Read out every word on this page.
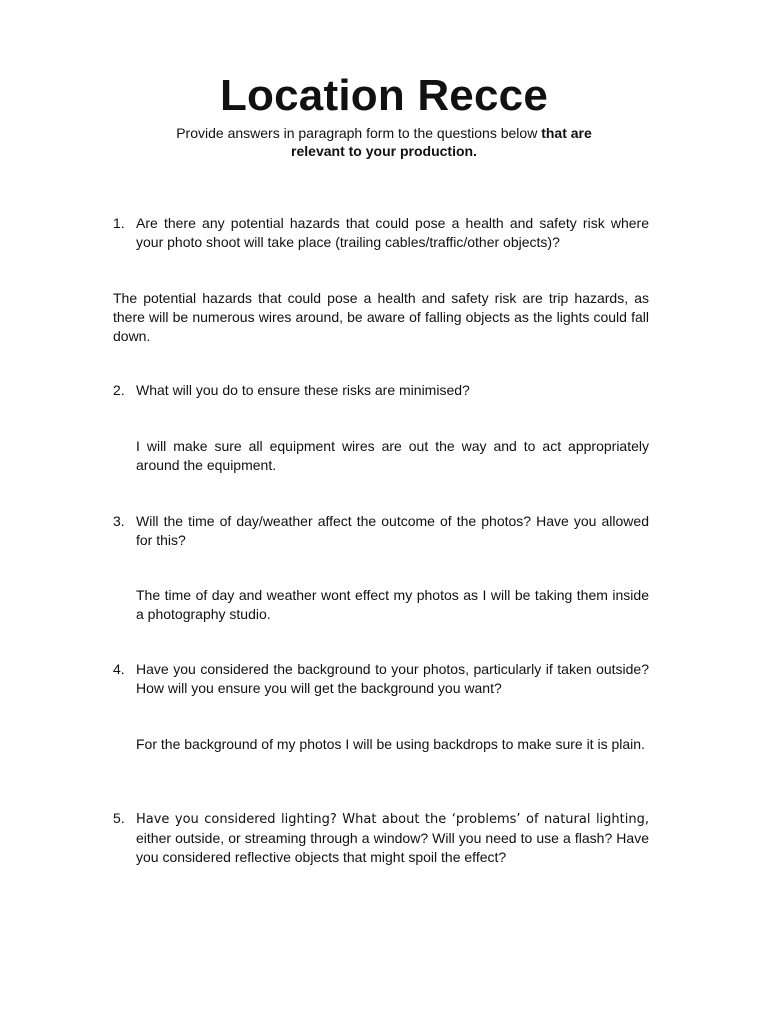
Location Recce

Provide answers in paragraph form to the questions below that are relevant to your production.

1. Are there any potential hazards that could pose a health and safety risk where your photo shoot will take place (trailing cables/traffic/other objects)?

The potential hazards that could pose a health and safety risk are trip hazards, as there will be numerous wires around, be aware of falling objects as the lights could fall down.

2. What will you do to ensure these risks are minimised?

I will make sure all equipment wires are out the way and to act appropriately around the equipment.

3. Will the time of day/weather affect the outcome of the photos? Have you allowed for this?

The time of day and weather wont effect my photos as I will be taking them inside a photography studio.

4. Have you considered the background to your photos, particularly if taken outside? How will you ensure you will get the background you want?

For the background of my photos I will be using backdrops to make sure it is plain.

5. Have you considered lighting? What about the ‘problems’ of natural lighting, either outside, or streaming through a window? Will you need to use a flash? Have you considered reflective objects that might spoil the effect?
